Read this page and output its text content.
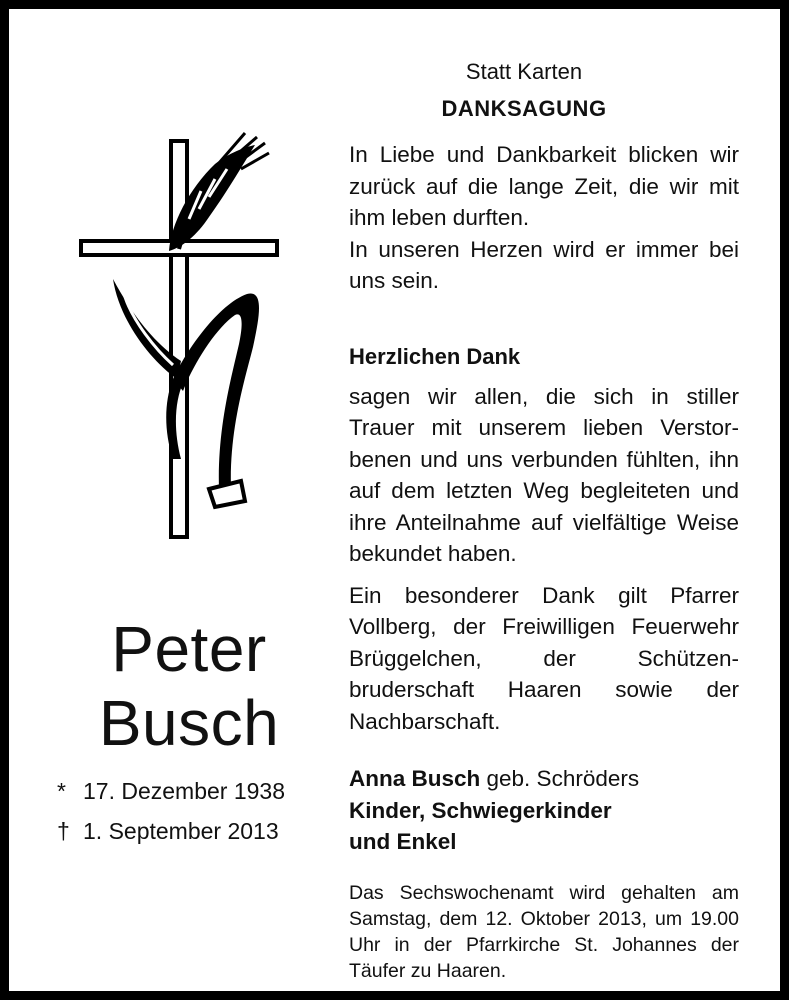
Peter
Busch
* 17. Dezember 1938
† 1. September 2013
Statt Karten
DANKSAGUNG
In Liebe und Dankbarkeit blicken wir zurück auf die lange Zeit, die wir mit ihm leben durften.
In unseren Herzen wird er immer bei uns sein.
Herzlichen Dank
sagen wir allen, die sich in stiller Trauer mit unserem lieben Verstorbenen und uns verbunden fühlten, ihn auf dem letzten Weg begleiteten und ihre Anteilnahme auf vielfältige Weise bekundet haben.
Ein besonderer Dank gilt Pfarrer Vollberg, der Freiwilligen Feuerwehr Brüggelchen, der Schützenbruderschaft Haaren sowie der Nachbarschaft.
Anna Busch geb. Schröders
Kinder, Schwiegerkinder
und Enkel
Das Sechswochenamt wird gehalten am Samstag, dem 12. Oktober 2013, um 19.00 Uhr in der Pfarrkirche St. Johannes der Täufer zu Haaren.
